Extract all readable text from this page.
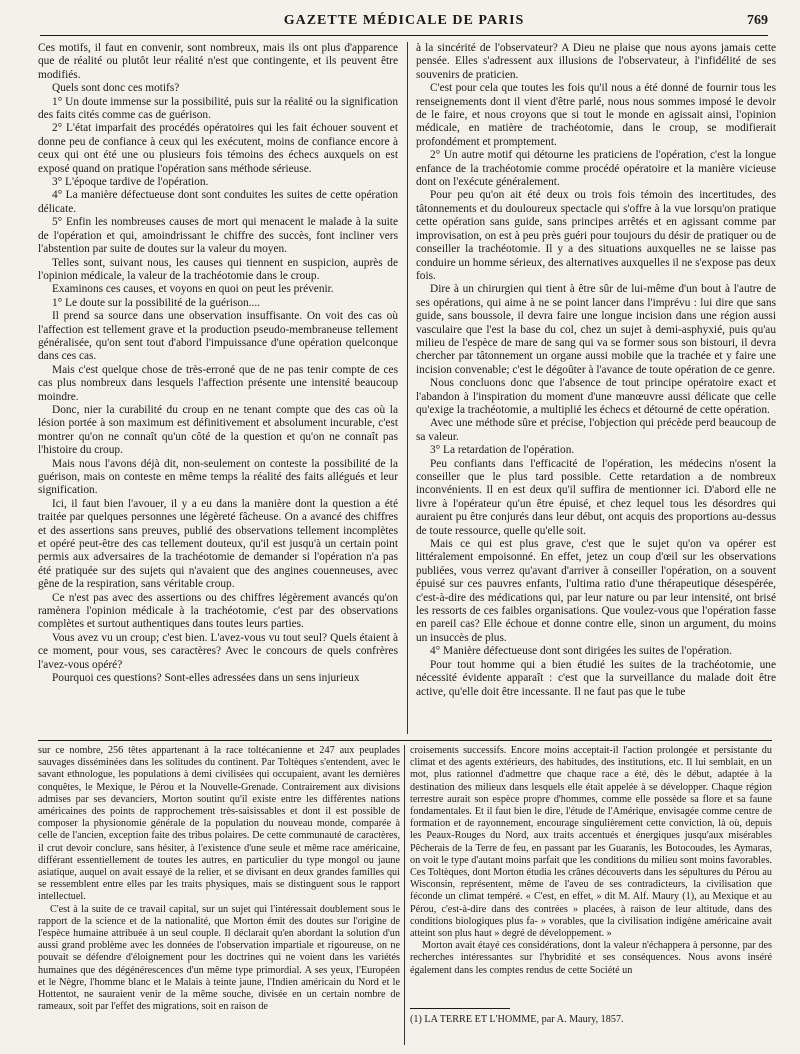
GAZETTE MÉDICALE DE PARIS	769

Ces motifs, il faut en convenir, sont nombreux, mais ils ont plus d'apparence que de réalité ou plutôt leur réalité n'est que contingente, et ils peuvent être modifiés.

Quels sont donc ces motifs?

1° Un doute immense sur la possibilité, puis sur la réalité ou la signification des faits cités comme cas de guérison.

2° L'état imparfait des procédés opératoires qui les fait échouer souvent et donne peu de confiance à ceux qui les exécutent, moins de confiance encore à ceux qui ont été une ou plusieurs fois témoins des échecs auxquels on est exposé quand on pratique l'opération sans méthode sérieuse.

3° L'époque tardive de l'opération.

4° La manière défectueuse dont sont conduites les suites de cette opération délicate.

5° Enfin les nombreuses causes de mort qui menacent le malade à la suite de l'opération et qui, amoindrissant le chiffre des succès, font incliner vers l'abstention par suite de doutes sur la valeur du moyen.

Telles sont, suivant nous, les causes qui tiennent en suspicion, auprès de l'opinion médicale, la valeur de la trachéotomie dans le croup.

Examinons ces causes, et voyons en quoi on peut les prévenir.

1° Le doute sur la possibilité de la guérison....

Il prend sa source dans une observation insuffisante. On voit des cas où l'affection est tellement grave et la production pseudo-membraneuse tellement généralisée, qu'on sent tout d'abord l'impuissance d'une opération quelconque dans ces cas.

Mais c'est quelque chose de très-erroné que de ne pas tenir compte de ces cas plus nombreux dans lesquels l'affection présente une intensité beaucoup moindre.

Donc, nier la curabilité du croup en ne tenant compte que des cas où la lésion portée à son maximum est définitivement et absolument incurable, c'est montrer qu'on ne connaît qu'un côté de la question et qu'on ne connaît pas l'histoire du croup.

Mais nous l'avons déjà dit, non-seulement on conteste la possibilité de la guérison, mais on conteste en même temps la réalité des faits allégués et leur signification.

Ici, il faut bien l'avouer, il y a eu dans la manière dont la question a été traitée par quelques personnes une légèreté fâcheuse. On a avancé des chiffres et des assertions sans preuves, publié des observations tellement incomplètes et opéré peut-être des cas tellement douteux, qu'il est jusqu'à un certain point permis aux adversaires de la trachéotomie de demander si l'opération n'a pas été pratiquée sur des sujets qui n'avaient que des angines couenneuses, avec gêne de la respiration, sans véritable croup.

Ce n'est pas avec des assertions ou des chiffres légèrement avancés qu'on ramènera l'opinion médicale à la trachéotomie, c'est par des observations complètes et surtout authentiques dans toutes leurs parties.

Vous avez vu un croup; c'est bien. L'avez-vous vu tout seul? Quels étaient à ce moment, pour vous, ses caractères? Avec le concours de quels confrères l'avez-vous opéré?

Pourquoi ces questions? Sont-elles adressées dans un sens injurieux

à la sincérité de l'observateur? A Dieu ne plaise que nous ayons jamais cette pensée. Elles s'adressent aux illusions de l'observateur, à l'infidélité de ses souvenirs de praticien.

C'est pour cela que toutes les fois qu'il nous a été donné de fournir tous les renseignements dont il vient d'être parlé, nous nous sommes imposé le devoir de le faire, et nous croyons que si tout le monde en agissait ainsi, l'opinion médicale, en matière de trachéotomie, dans le croup, se modifierait profondément et promptement.

2° Un autre motif qui détourne les praticiens de l'opération, c'est la longue enfance de la trachéotomie comme procédé opératoire et la manière vicieuse dont on l'exécute généralement.

Pour peu qu'on ait été deux ou trois fois témoin des incertitudes, des tâtonnements et du douloureux spectacle qui s'offre à la vue lorsqu'on pratique cette opération sans guide, sans principes arrêtés et en agissant comme par improvisation, on est à peu près guéri pour toujours du désir de pratiquer ou de conseiller la trachéotomie. Il y a des situations auxquelles ne se laisse pas conduire un homme sérieux, des alternatives auxquelles il ne s'expose pas deux fois.

Dire à un chirurgien qui tient à être sûr de lui-même d'un bout à l'autre de ses opérations, qui aime à ne se point lancer dans l'imprévu : lui dire que sans guide, sans boussole, il devra faire une longue incision dans une région aussi vasculaire que l'est la base du col, chez un sujet à demi-asphyxié, puis qu'au milieu de l'espèce de mare de sang qui va se former sous son bistouri, il devra chercher par tâtonnement un organe aussi mobile que la trachée et y faire une incision convenable; c'est le dégoûter à l'avance de toute opération de ce genre.

Nous concluons donc que l'absence de tout principe opératoire exact et l'abandon à l'inspiration du moment d'une manœuvre aussi délicate que celle qu'exige la trachéotomie, a multiplié les échecs et détourné de cette opération.

Avec une méthode sûre et précise, l'objection qui précède perd beaucoup de sa valeur.

3° La retardation de l'opération.

Peu confiants dans l'efficacité de l'opération, les médecins n'osent la conseiller que le plus tard possible. Cette retardation a de nombreux inconvénients. Il en est deux qu'il suffira de mentionner ici. D'abord elle ne livre à l'opérateur qu'un être épuisé, et chez lequel tous les désordres qui auraient pu être conjurés dans leur début, ont acquis des proportions au-dessus de toute ressource, quelle qu'elle soit.

Mais ce qui est plus grave, c'est que le sujet qu'on va opérer est littéralement empoisonné. En effet, jetez un coup d'œil sur les observations publiées, vous verrez qu'avant d'arriver à conseiller l'opération, on a souvent épuisé sur ces pauvres enfants, l'ultima ratio d'une thérapeutique désespérée, c'est-à-dire des médications qui, par leur nature ou par leur intensité, ont brisé les ressorts de ces faibles organisations. Que voulez-vous que l'opération fasse en pareil cas? Elle échoue et donne contre elle, sinon un argument, du moins un insuccès de plus.

4° Manière défectueuse dont sont dirigées les suites de l'opération.

Pour tout homme qui a bien étudié les suites de la trachéotomie, une nécessité évidente apparaît : c'est que la surveillance du malade doit être active, qu'elle doit être incessante. Il ne faut pas que le tube

sur ce nombre, 256 têtes appartenant à la race toltécanienne et 247 aux peuplades sauvages disséminées dans les solitudes du continent. Par Toltèques s'entendent, avec le savant ethnologue, les populations à demi civilisées qui occupaient, avant les dernières conquêtes, le Mexique, le Pérou et la Nouvelle-Grenade. Contrairement aux divisions admises par ses devanciers, Morton soutint qu'il existe entre les différentes nations américaines des points de rapprochement très-saisissables et dont il est possible de composer la physionomie générale de la population du nouveau monde, comparée à celle de l'ancien, exception faite des tribus polaires. De cette communauté de caractères, il crut devoir conclure, sans hésiter, à l'existence d'une seule et même race américaine, différant essentiellement de toutes les autres, en particulier du type mongol ou jaune asiatique, auquel on avait essayé de la relier, et se divisant en deux grandes familles qui se ressemblent entre elles par les traits physiques, mais se distinguent sous le rapport intellectuel.

C'est à la suite de ce travail capital, sur un sujet qui l'intéressait doublement sous le rapport de la science et de la nationalité, que Morton émit des doutes sur l'origine de l'espèce humaine attribuée à un seul couple. Il déclarait qu'en abordant la solution d'un aussi grand problème avec les données de l'observation impartiale et rigoureuse, on ne pouvait se défendre d'éloignement pour les doctrines qui ne voient dans les variétés humaines que des dégénérescences d'un même type primordial. A ses yeux, l'Européen et le Nègre, l'homme blanc et le Malais à teinte jaune, l'Indien américain du Nord et le Hottentot, ne sauraient venir de la même souche, divisée en un certain nombre de rameaux, soit par l'effet des migrations, soit en raison de

croisements successifs. Encore moins acceptait-il l'action prolongée et persistante du climat et des agents extérieurs, des habitudes, des institutions, etc. Il lui semblait, en un mot, plus rationnel d'admettre que chaque race a été, dès le début, adaptée à la destination des milieux dans lesquels elle était appelée à se développer. Chaque région terrestre aurait son espèce propre d'hommes, comme elle possède sa flore et sa faune fondamentales. Et il faut bien le dire, l'étude de l'Amérique, envisagée comme centre de formation et de rayonnement, encourage singulièrement cette conviction, là où, depuis les Peaux-Rouges du Nord, aux traits accentués et énergiques jusqu'aux misérables Pêcherais de la Terre de feu, en passant par les Guaranis, les Botocoudes, les Aymaras, on voit le type d'autant moins parfait que les conditions du milieu sont moins favorables. Ces Toltèques, dont Morton étudia les crânes découverts dans les sépultures du Pérou au Wisconsin, représentent, même de l'aveu de ses contradicteurs, la civilisation que féconde un climat tempéré. « C'est, en effet, » dit M. Alf. Maury (1), au Mexique et au Pérou, c'est-à-dire dans des contrées » placées, à raison de leur altitude, dans des conditions biologiques plus fa- » vorables, que la civilisation indigène américaine avait atteint son plus haut » degré de développement. »

Morton avait étayé ces considérations, dont la valeur n'échappera à personne, par des recherches intéressantes sur l'hybridité et ses conséquences. Nous avons inséré également dans les comptes rendus de cette Société un

(1) LA TERRE ET L'HOMME, par A. Maury, 1857.
